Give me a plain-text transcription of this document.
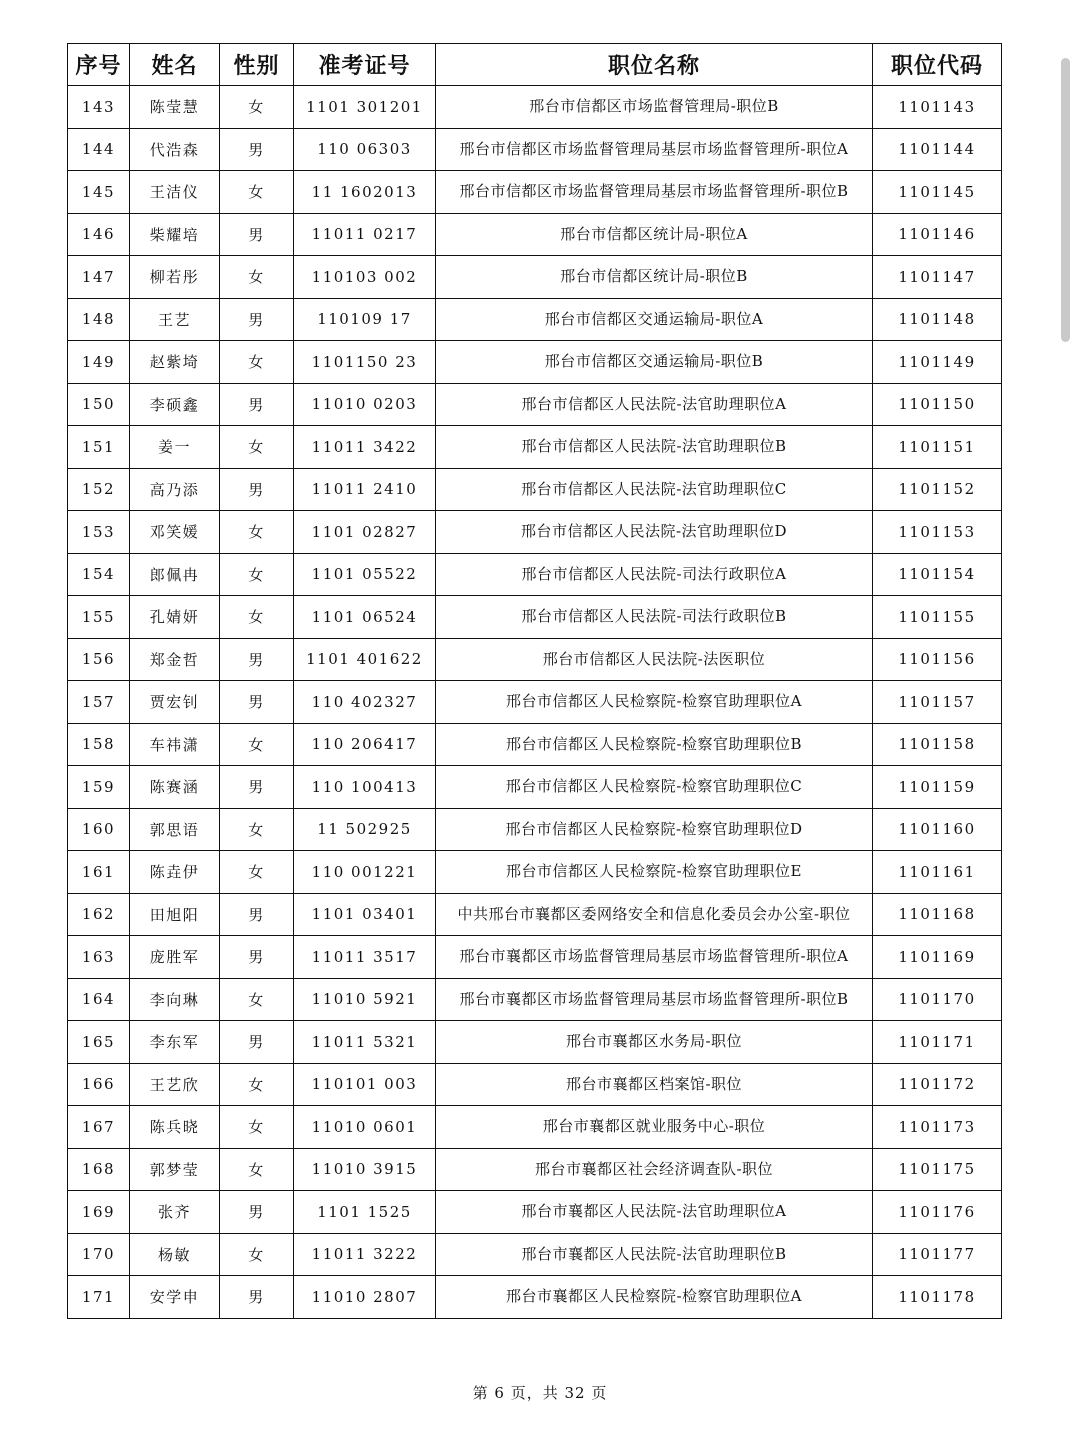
序号	姓名	性别	准考证号	职位名称	职位代码
143	陈莹慧	女	1101 301201	邢台市信都区市场监督管理局-职位B	1101143
144	代浩森	男	110 06303	邢台市信都区市场监督管理局基层市场监督管理所-职位A	1101144
145	王洁仪	女	11 1602013	邢台市信都区市场监督管理局基层市场监督管理所-职位B	1101145
146	柴耀培	男	11011 0217	邢台市信都区统计局-职位A	1101146
147	柳若彤	女	110103 002	邢台市信都区统计局-职位B	1101147
148	王艺	男	110109 17	邢台市信都区交通运输局-职位A	1101148
149	赵紫埼	女	1101150 23	邢台市信都区交通运输局-职位B	1101149
150	李硕鑫	男	11010 0203	邢台市信都区人民法院-法官助理职位A	1101150
151	姜一	女	11011 3422	邢台市信都区人民法院-法官助理职位B	1101151
152	高乃添	男	11011 2410	邢台市信都区人民法院-法官助理职位C	1101152
153	邓笑媛	女	1101 02827	邢台市信都区人民法院-法官助理职位D	1101153
154	郎佩冉	女	1101 05522	邢台市信都区人民法院-司法行政职位A	1101154
155	孔婧妍	女	1101 06524	邢台市信都区人民法院-司法行政职位B	1101155
156	郑金哲	男	1101 401622	邢台市信都区人民法院-法医职位	1101156
157	贾宏钊	男	110 402327	邢台市信都区人民检察院-检察官助理职位A	1101157
158	车祎潇	女	110 206417	邢台市信都区人民检察院-检察官助理职位B	1101158
159	陈赛涵	男	110 100413	邢台市信都区人民检察院-检察官助理职位C	1101159
160	郭思语	女	11 502925	邢台市信都区人民检察院-检察官助理职位D	1101160
161	陈垚伊	女	110 001221	邢台市信都区人民检察院-检察官助理职位E	1101161
162	田旭阳	男	1101 03401	中共邢台市襄都区委网络安全和信息化委员会办公室-职位	1101168
163	庞胜军	男	11011 3517	邢台市襄都区市场监督管理局基层市场监督管理所-职位A	1101169
164	李向琳	女	11010 5921	邢台市襄都区市场监督管理局基层市场监督管理所-职位B	1101170
165	李东军	男	11011 5321	邢台市襄都区水务局-职位	1101171
166	王艺欣	女	110101 003	邢台市襄都区档案馆-职位	1101172
167	陈兵晓	女	11010 0601	邢台市襄都区就业服务中心-职位	1101173
168	郭梦莹	女	11010 3915	邢台市襄都区社会经济调查队-职位	1101175
169	张齐	男	1101 1525	邢台市襄都区人民法院-法官助理职位A	1101176
170	杨敏	女	11011 3222	邢台市襄都区人民法院-法官助理职位B	1101177
171	安学申	男	11010 2807	邢台市襄都区人民检察院-检察官助理职位A	1101178
第 6 页，共 32 页
